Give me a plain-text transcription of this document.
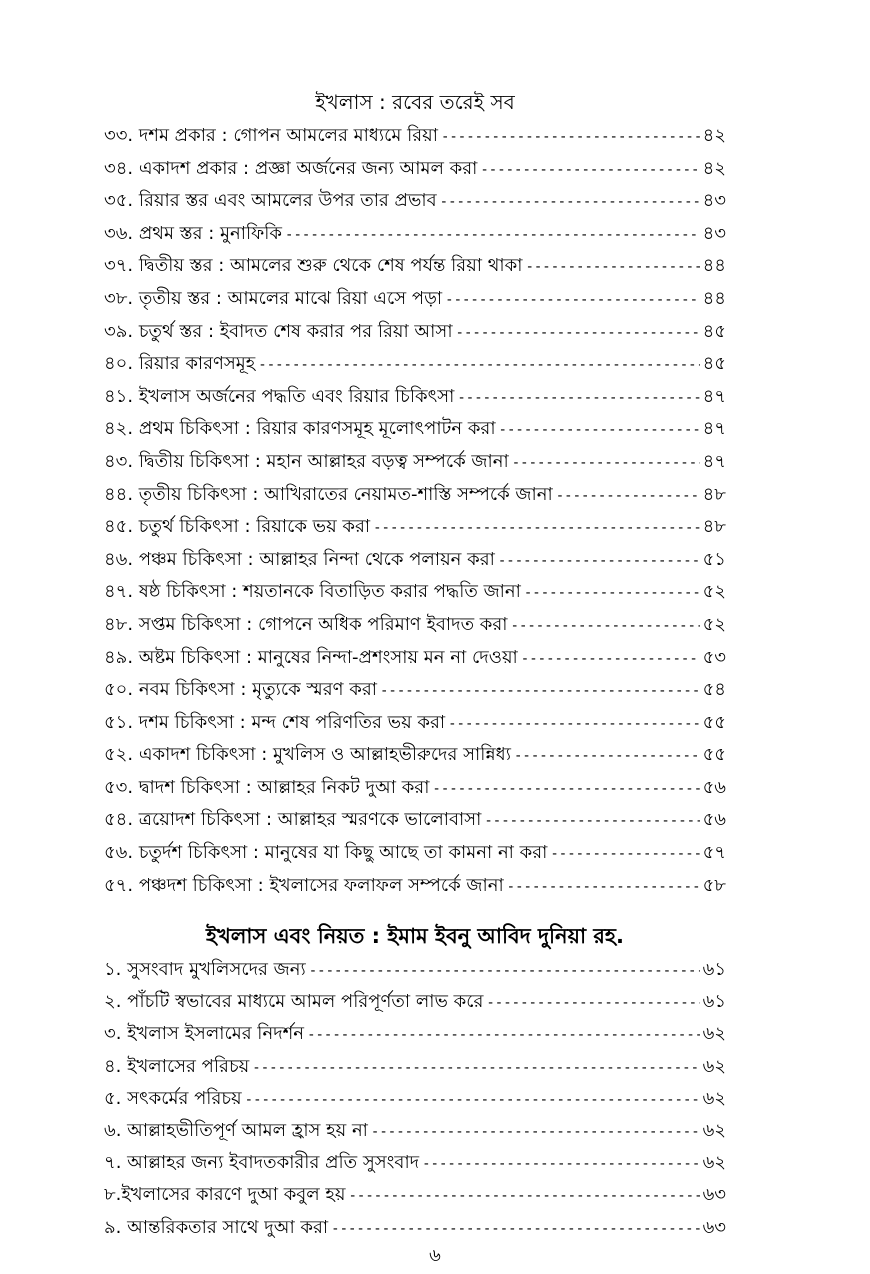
ইখলাস : রবের তরেই সব
৩৩. দশম প্রকার : গোপন আমলের মাধ্যমে রিয়া -----	৪২
৩৪. একাদশ প্রকার : প্রজ্ঞা অর্জনের জন্য আমল করা -----	৪২
৩৫. রিয়ার স্তর এবং আমলের উপর তার প্রভাব -----	৪৩
৩৬. প্রথম স্তর : মুনাফিকি -----	৪৩
৩৭. দ্বিতীয় স্তর : আমলের শুরু থেকে শেষ পর্যন্ত রিয়া থাকা -----	৪৪
৩৮. তৃতীয় স্তর : আমলের মাঝে রিয়া এসে পড়া -----	৪৪
৩৯. চতুর্থ স্তর : ইবাদত শেষ করার পর রিয়া আসা -----	৪৫
৪০. রিয়ার কারণসমূহ -----	৪৫
৪১. ইখলাস অর্জনের পদ্ধতি এবং রিয়ার চিকিৎসা -----	৪৭
৪২. প্রথম চিকিৎসা : রিয়ার কারণসমূহ মূলোৎপাটন করা -----	৪৭
৪৩. দ্বিতীয় চিকিৎসা : মহান আল্লাহর বড়ত্ব সম্পর্কে জানা -----	৪৭
৪৪. তৃতীয় চিকিৎসা : আখিরাতের নেয়ামত-শাস্তি সম্পর্কে জানা -----	৪৮
৪৫. চতুর্থ চিকিৎসা : রিয়াকে ভয় করা -----	৪৮
৪৬. পঞ্চম চিকিৎসা : আল্লাহর নিন্দা থেকে পলায়ন করা -----	৫১
৪৭. ষষ্ঠ চিকিৎসা : শয়তানকে বিতাড়িত করার পদ্ধতি জানা -----	৫২
৪৮. সপ্তম চিকিৎসা : গোপনে অধিক পরিমাণ ইবাদত করা -----	৫২
৪৯. অষ্টম চিকিৎসা : মানুষের নিন্দা-প্রশংসায় মন না দেওয়া -----	৫৩
৫০. নবম চিকিৎসা : মৃত্যুকে স্মরণ করা -----	৫৪
৫১. দশম চিকিৎসা : মন্দ শেষ পরিণতির ভয় করা -----	৫৫
৫২. একাদশ চিকিৎসা : মুখলিস ও আল্লাহভীরুদের সান্নিধ্য -----	৫৫
৫৩. দ্বাদশ চিকিৎসা : আল্লাহর নিকট দুআ করা -----	৫৬
৫৪. ত্রয়োদশ চিকিৎসা : আল্লাহর স্মরণকে ভালোবাসা -----	৫৬
৫৬. চতুর্দশ চিকিৎসা : মানুষের যা কিছু আছে তা কামনা না করা -----	৫৭
৫৭. পঞ্চদশ চিকিৎসা : ইখলাসের ফলাফল সম্পর্কে জানা -----	৫৮
ইখলাস এবং নিয়ত : ইমাম ইবনু আবিদ দুনিয়া রহ.
১. সুসংবাদ মুখলিসদের জন্য -----	৬১
২. পাঁচটি স্বভাবের মাধ্যমে আমল পরিপূর্ণতা লাভ করে -----	৬১
৩. ইখলাস ইসলামের নিদর্শন -----	৬২
৪. ইখলাসের পরিচয় -----	৬২
৫. সৎকর্মের পরিচয় -----	৬২
৬. আল্লাহভীতিপূর্ণ আমল হ্রাস হয় না -----	৬২
৭. আল্লাহর জন্য ইবাদতকারীর প্রতি সুসংবাদ -----	৬২
৮.ইখলাসের কারণে দুআ কবুল হয় -----	৬৩
৯. আন্তরিকতার সাথে দুআ করা -----	৬৩
৬
